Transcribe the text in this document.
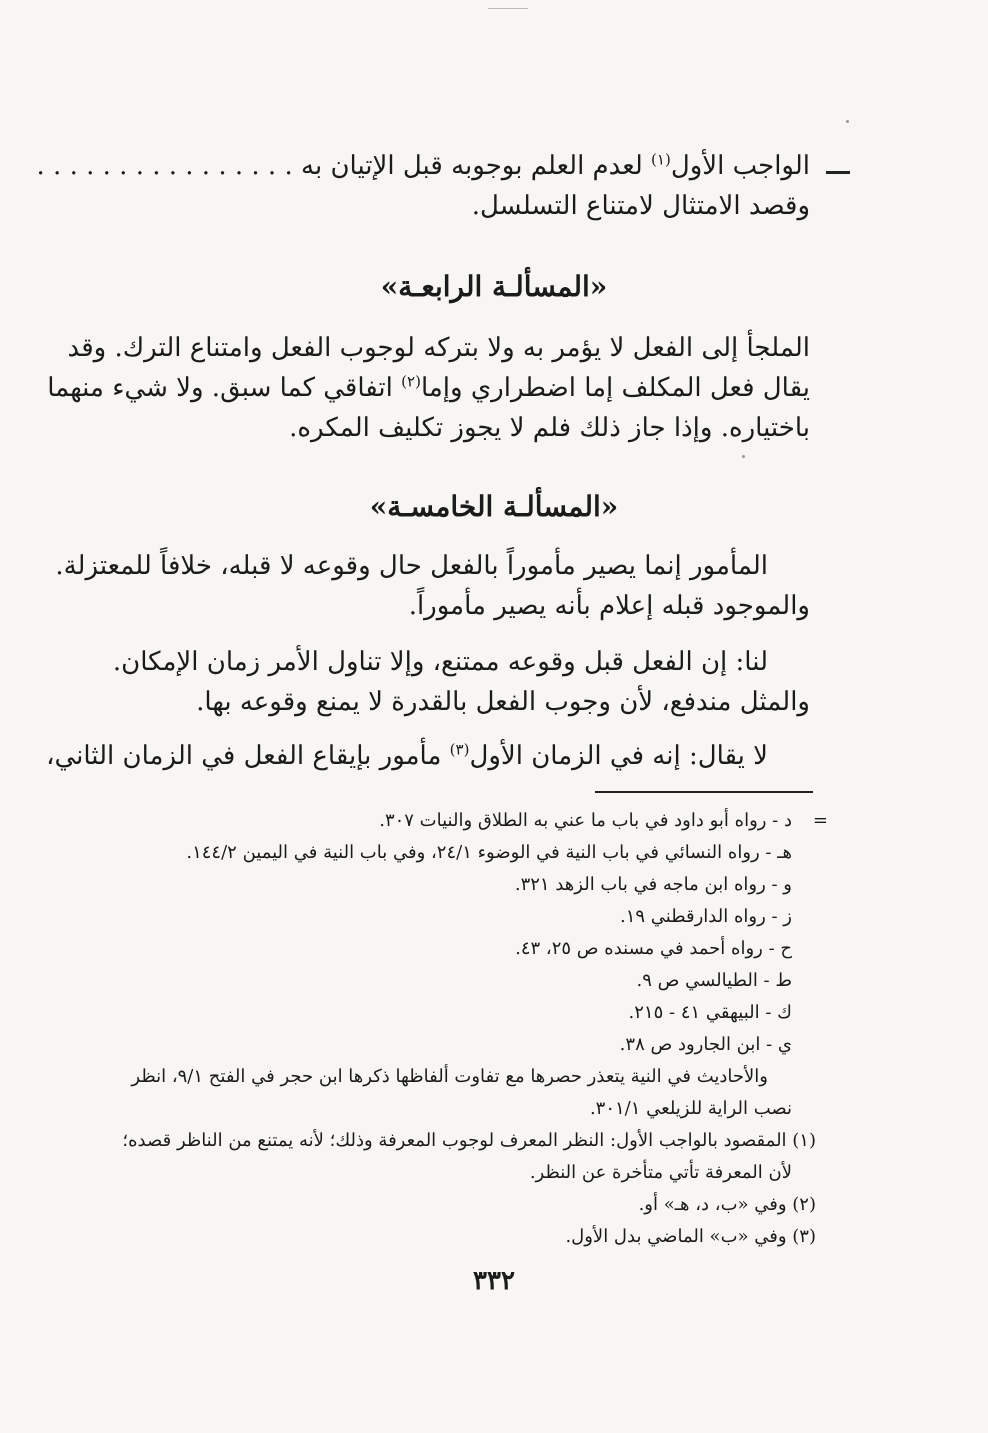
الواجب الأول$^{(١)}$ لعدم العلم بوجوبه قبل الإتيان به . . . . . . . . . . . . . . . .
وقصد الامتثال لامتناع التسلسل.
«المسألـة الرابعـة»
الملجأ إلى الفعل لا يؤمر به ولا بتركه لوجوب الفعل وامتناع الترك. وقد
يقال فعل المكلف إما اضطراري وإما$^{(٢)}$ اتفاقي كما سبق. ولا شيء منهما
باختياره. وإذا جاز ذلك فلم لا يجوز تكليف المكره.
«المسألـة الخامسـة»
المأمور إنما يصير مأموراً بالفعل حال وقوعه لا قبله، خلافاً للمعتزلة.
والموجود قبله إعلام بأنه يصير مأموراً.
لنا: إن الفعل قبل وقوعه ممتنع، وإلا تناول الأمر زمان الإمكان.
والمثل مندفع، لأن وجوب الفعل بالقدرة لا يمنع وقوعه بها.
لا يقال: إنه في الزمان الأول$^{(٣)}$ مأمور بإيقاع الفعل في الزمان الثاني،
=
د - رواه أبو داود في باب ما عني به الطلاق والنيات ٣٠٧.
هـ - رواه النسائي في باب النية في الوضوء ٢٤/١، وفي باب النية في اليمين ١٤٤/٢.
و - رواه ابن ماجه في باب الزهد ٣٢١.
ز - رواه الدارقطني ١٩.
ح - رواه أحمد في مسنده ص ٢٥، ٤٣.
ط - الطيالسي ص ٩.
ك - البيهقي ٤١ - ٢١٥.
ي - ابن الجارود ص ٣٨.
والأحاديث في النية يتعذر حصرها مع تفاوت ألفاظها ذكرها ابن حجر في الفتح ٩/١، انظر
نصب الراية للزيلعي ٣٠١/١.
(١) المقصود بالواجب الأول: النظر المعرف لوجوب المعرفة وذلك؛ لأنه يمتنع من الناظر قصده؛
لأن المعرفة تأتي متأخرة عن النظر.
(٢) وفي «ب، د، هـ» أو.
(٣) وفي «ب» الماضي بدل الأول.
٣٣٢
